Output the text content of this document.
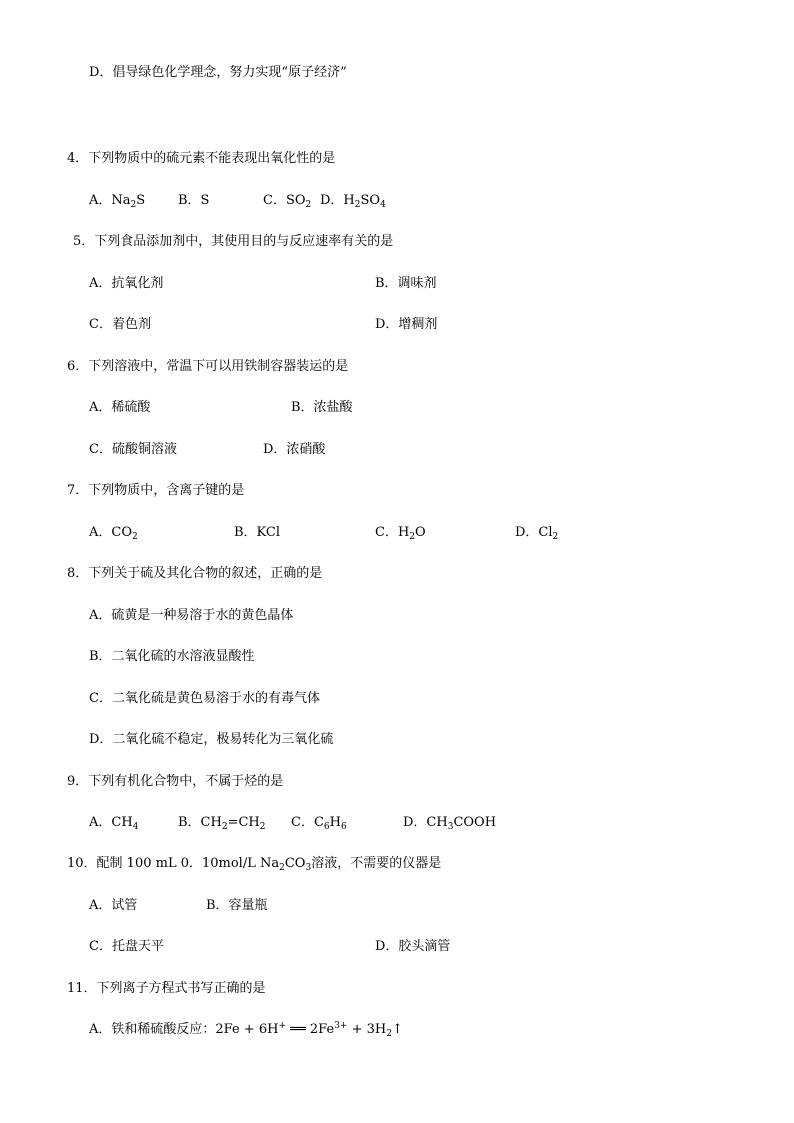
D．倡导绿色化学理念，努力实现“原子经济”
4．下列物质中的硫元素不能表现出氧化性的是
A．$Na_2S$	B．S	C．$SO_2$ D．$H_2SO_4$
5．下列食品添加剂中，其使用目的与反应速率有关的是
A．抗氧化剂	B．调味剂
C．着色剂	D．增稠剂
6．下列溶液中，常温下可以用铁制容器装运的是
A．稀硫酸	B．浓盐酸
C．硫酸铜溶液	D．浓硝酸
7．下列物质中，含离子键的是
A．$CO_2$	B．KCl	C．$H_2O$	D．$Cl_2$
8．下列关于硫及其化合物的叙述，正确的是
A．硫黄是一种易溶于水的黄色晶体
B．二氧化硫的水溶液显酸性
C．二氧化硫是黄色易溶于水的有毒气体
D．二氧化硫不稳定，极易转化为三氧化硫
9．下列有机化合物中，不属于烃的是
A．$CH_4$	B．$CH_2=CH_2$ C．$C_6H_6$	D．$CH_3COOH$
10．配制 100 mL 0．10mol/L $Na_2CO_3$溶液，不需要的仪器是
A．试管	B．容量瓶
C．托盘天平	D．胶头滴管
11．下列离子方程式书写正确的是
A．铁和稀硫酸反应：2Fe + 6H+ ══ $2Fe^{3+}$ + $3H_2↑$
